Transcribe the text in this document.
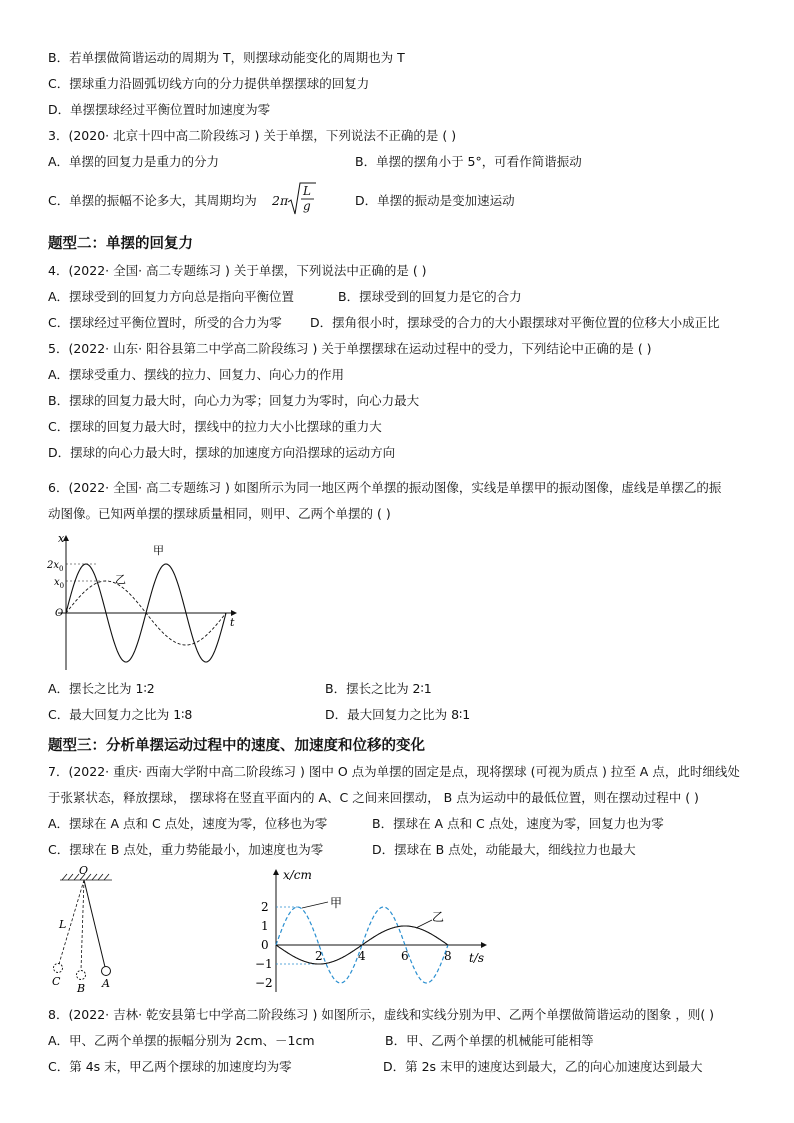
B．若单摆做简谐运动的周期为 T，则摆球动能变化的周期也为 T
C．摆球重力沿圆弧切线方向的分力提供单摆摆球的回复力
D．单摆摆球经过平衡位置时加速度为零
3．(2020· 北京十四中高二阶段练习 ) 关于单摆，下列说法不正确的是 ( )
A．单摆的回复力是重力的分力	B．单摆的摆角小于 5°，可看作简谐振动
C．单摆的振幅不论多大，其周期均为 2π
L
g	D．单摆的振动是变加速运动
题型二：单摆的回复力
4．(2022· 全国· 高二专题练习 ) 关于单摆，下列说法中正确的是 ( )
A．摆球受到的回复力方向总是指向平衡位置	B．摆球受到的回复力是它的合力
C．摆球经过平衡位置时，所受的合力为零 D．摆角很小时，摆球受的合力的大小跟摆球对平衡位置的位移大小成正比
5．(2022· 山东· 阳谷县第二中学高二阶段练习 ) 关于单摆摆球在运动过程中的受力，下列结论中正确的是 ( )
A．摆球受重力、摆线的拉力、回复力、向心力的作用
B．摆球的回复力最大时，向心力为零；回复力为零时，向心力最大
C．摆球的回复力最大时，摆线中的拉力大小比摆球的重力大
D．摆球的向心力最大时，摆球的加速度方向沿摆球的运动方向
6．(2022· 全国· 高二专题练习 ) 如图所示为同一地区两个单摆的振动图像，实线是单摆甲的振动图像，虚线是单摆乙的振
动图像。已知两单摆的摆球质量相同，则甲、乙两个单摆的 ( )
x
t
$2x_0$
$x_0$
O
甲
乙
A．摆长之比为 1∶2	B．摆长之比为 2∶1
C．最大回复力之比为 1∶8	D．最大回复力之比为 8∶1
题型三：分析单摆运动过程中的速度、加速度和位移的变化
7．(2022· 重庆· 西南大学附中高二阶段练习 ) 图中 O 点为单摆的固定是点，现将摆球 (可视为质点 ) 拉至 A 点，此时细线处
于张紧状态，释放摆球， 摆球将在竖直平面内的 A、C 之间来回摆动， B 点为运动中的最低位置，则在摆动过程中 ( )
A．摆球在 A 点和 C 点处，速度为零，位移也为零	B．摆球在 A 点和 C 点处，速度为零，回复力也为零
C．摆球在 B 点处，重力势能最小，加速度也为零	D．摆球在 B 点处，动能最大，细线拉力也最大
O
L
A
B
C
2
1
0
−1
−2
2	4	6	8
x/cm
t/s
甲
乙
8．(2022· 吉林· 乾安县第七中学高二阶段练习 ) 如图所示，虚线和实线分别为甲、乙两个单摆做简谐运动的图象 ，则( )
A．甲、乙两个单摆的振幅分别为 2cm、－1cm	B．甲、乙两个单摆的机械能可能相等
C．第 4s 末，甲乙两个摆球的加速度均为零	D．第 2s 末甲的速度达到最大，乙的向心加速度达到最大
